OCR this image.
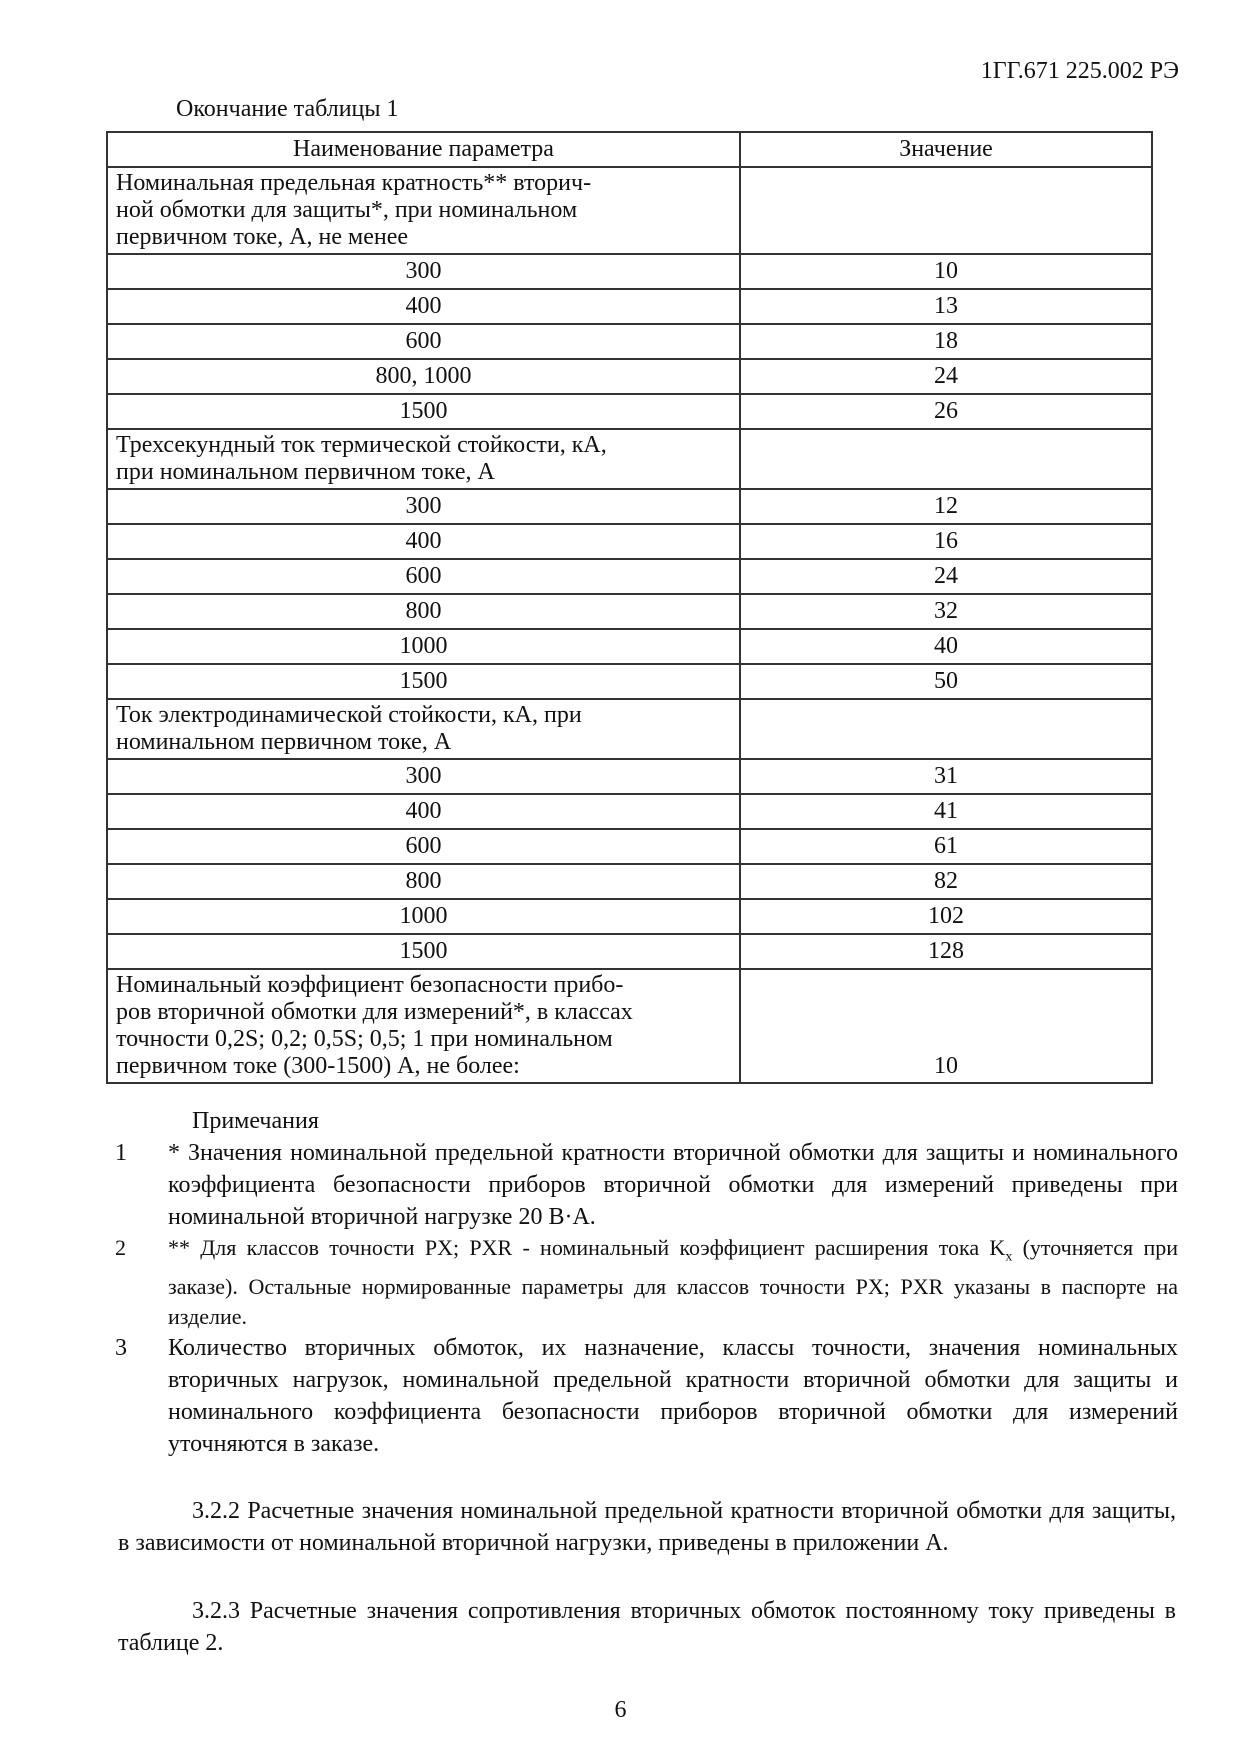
1ГГ.671 225.002 РЭ
Окончание таблицы 1
Наименование параметра	Значение

Номинальная предельная кратность** вторич-
ной обмотки для защиты*, при номинальном
первичном токе, А, не менее	

300	10
400	13
600	18
800, 1000	24
1500	26

Трехсекундный ток термической стойкости, кА,
при номинальном первичном токе, А	

300	12
400	16
600	24
800	32
1000	40
1500	50

Ток электродинамической стойкости, кА, при
номинальном первичном токе, А	

300	31
400	41
600	61
800	82
1000	102
1500	128

Номинальный коэффициент безопасности прибо-
ров вторичной обмотки для измерений*, в классах
точности 0,2S; 0,2; 0,5S; 0,5; 1 при номинальном
первичном токе (300-1500) А, не более:	10
Примечания
1	* Значения номинальной предельной кратности вторичной обмотки для защиты и номинального коэффициента безопасности приборов вторичной обмотки для измерений приведены при номинальной вторичной нагрузке 20 В·А.
2	** Для классов точности PX; PXR - номинальный коэффициент расширения тока $K_x$ (уточняется при заказе). Остальные нормированные параметры для классов точности PX; PXR указаны в паспорте на изделие.
3	Количество вторичных обмоток, их назначение, классы точности, значения номинальных вторичных нагрузок, номинальной предельной кратности вторичной обмотки для защиты и номинального коэффициента безопасности приборов вторичной обмотки для измерений уточняются в заказе.
3.2.2 Расчетные значения номинальной предельной кратности вторичной обмотки для защиты, в зависимости от номинальной вторичной нагрузки, приведены в приложении А.
3.2.3 Расчетные значения сопротивления вторичных обмоток постоянному току приведены в таблице 2.
6
